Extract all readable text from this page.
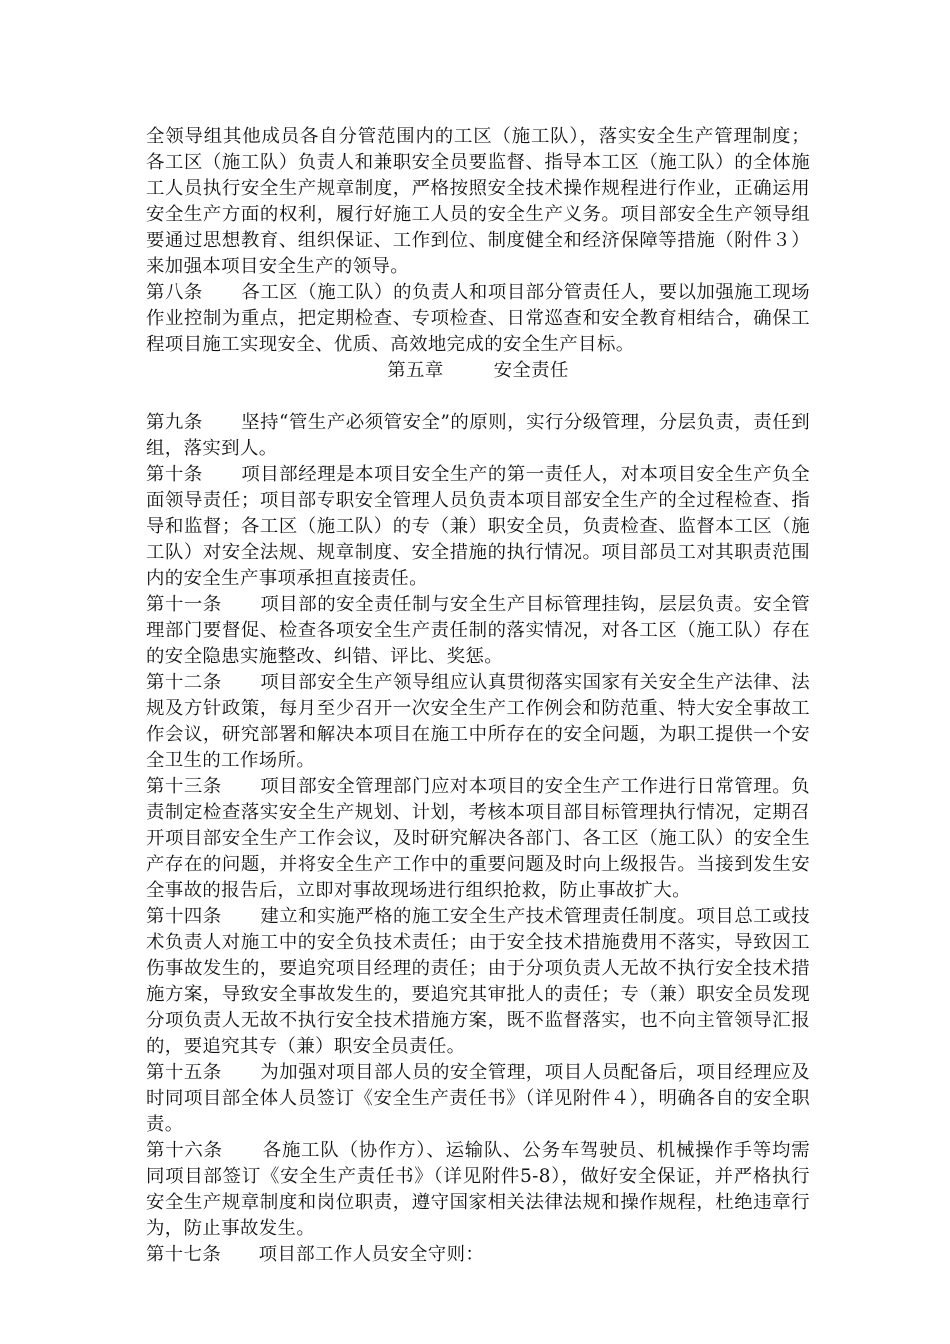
全领导组其他成员各自分管范围内的工区（施工队），落实安全生产管理制度；各工区（施工队）负责人和兼职安全员要监督、指导本工区（施工队）的全体施工人员执行安全生产规章制度，严格按照安全技术操作规程进行作业，正确运用安全生产方面的权利，履行好施工人员的安全生产义务。项目部安全生产领导组要通过思想教育、组织保证、工作到位、制度健全和经济保障等措施（附件３）来加强本项目安全生产的领导。

第八条 各工区（施工队）的负责人和项目部分管责任人，要以加强施工现场作业控制为重点，把定期检查、专项检查、日常巡查和安全教育相结合，确保工程项目施工实现安全、优质、高效地完成的安全生产目标。

第五章	安全责任

第九条 坚持“管生产必须管安全”的原则，实行分级管理，分层负责，责任到组，落实到人。

第十条 项目部经理是本项目安全生产的第一责任人，对本项目安全生产负全面领导责任；项目部专职安全管理人员负责本项目部安全生产的全过程检查、指导和监督；各工区（施工队）的专（兼）职安全员，负责检查、监督本工区（施工队）对安全法规、规章制度、安全措施的执行情况。项目部员工对其职责范围内的安全生产事项承担直接责任。

第十一条 项目部的安全责任制与安全生产目标管理挂钩，层层负责。安全管理部门要督促、检查各项安全生产责任制的落实情况，对各工区（施工队）存在的安全隐患实施整改、纠错、评比、奖惩。

第十二条 项目部安全生产领导组应认真贯彻落实国家有关安全生产法律、法规及方针政策，每月至少召开一次安全生产工作例会和防范重、特大安全事故工作会议，研究部署和解决本项目在施工中所存在的安全问题，为职工提供一个安全卫生的工作场所。

第十三条 项目部安全管理部门应对本项目的安全生产工作进行日常管理。负责制定检查落实安全生产规划、计划，考核本项目部目标管理执行情况，定期召开项目部安全生产工作会议，及时研究解决各部门、各工区（施工队）的安全生产存在的问题，并将安全生产工作中的重要问题及时向上级报告。当接到发生安全事故的报告后，立即对事故现场进行组织抢救，防止事故扩大。

第十四条 建立和实施严格的施工安全生产技术管理责任制度。项目总工或技术负责人对施工中的安全负技术责任；由于安全技术措施费用不落实，导致因工伤事故发生的，要追究项目经理的责任；由于分项负责人无故不执行安全技术措施方案，导致安全事故发生的，要追究其审批人的责任；专（兼）职安全员发现分项负责人无故不执行安全技术措施方案，既不监督落实，也不向主管领导汇报的，要追究其专（兼）职安全员责任。

第十五条 为加强对项目部人员的安全管理，项目人员配备后，项目经理应及时同项目部全体人员签订《安全生产责任书》（详见附件４），明确各自的安全职责。

第十六条 各施工队（协作方）、运输队、公务车驾驶员、机械操作手等均需同项目部签订《安全生产责任书》（详见附件5-8），做好安全保证，并严格执行安全生产规章制度和岗位职责，遵守国家相关法律法规和操作规程，杜绝违章行为，防止事故发生。

第十七条 项目部工作人员安全守则：
